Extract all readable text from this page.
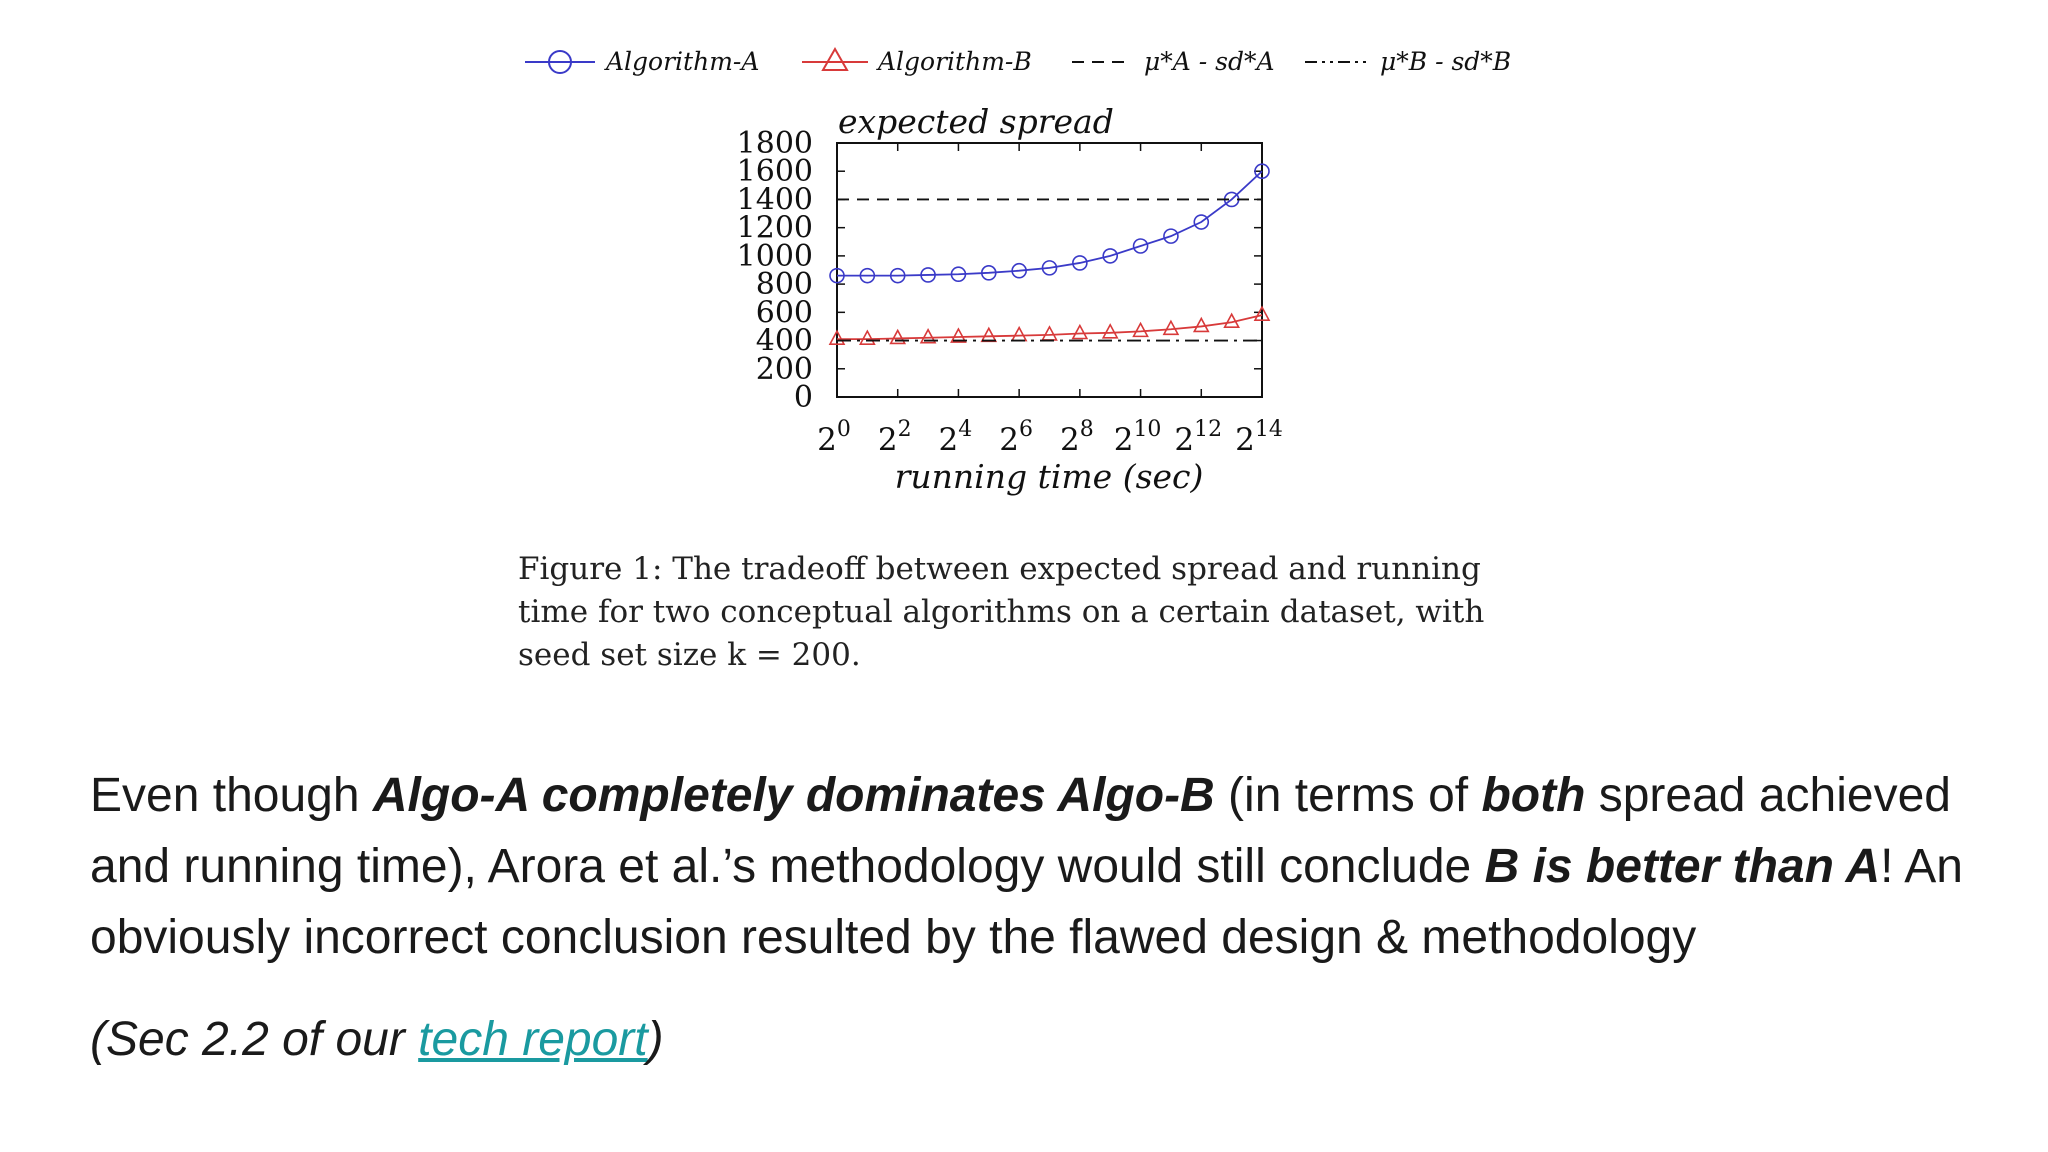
Algorithm-A	Algorithm-B	μ*A - sd*A	μ*B - sd*B
expected spread
1800
1600
1400
1200
1000
800
600
400
200
0
$2^0$ $2^2$ $2^4$ $2^6$ $2^8$ $2^{10}$ $2^{12}$ $2^{14}$
running time (sec)
Figure 1: The tradeoff between expected spread and running time for two conceptual algorithms on a certain dataset, with seed set size k = 200.
Even though Algo-A completely dominates Algo-B (in terms of both spread achieved and running time), Arora et al.’s methodology would still conclude B is better than A! An obviously incorrect conclusion resulted by the flawed design & methodology
(Sec 2.2 of our tech report)
